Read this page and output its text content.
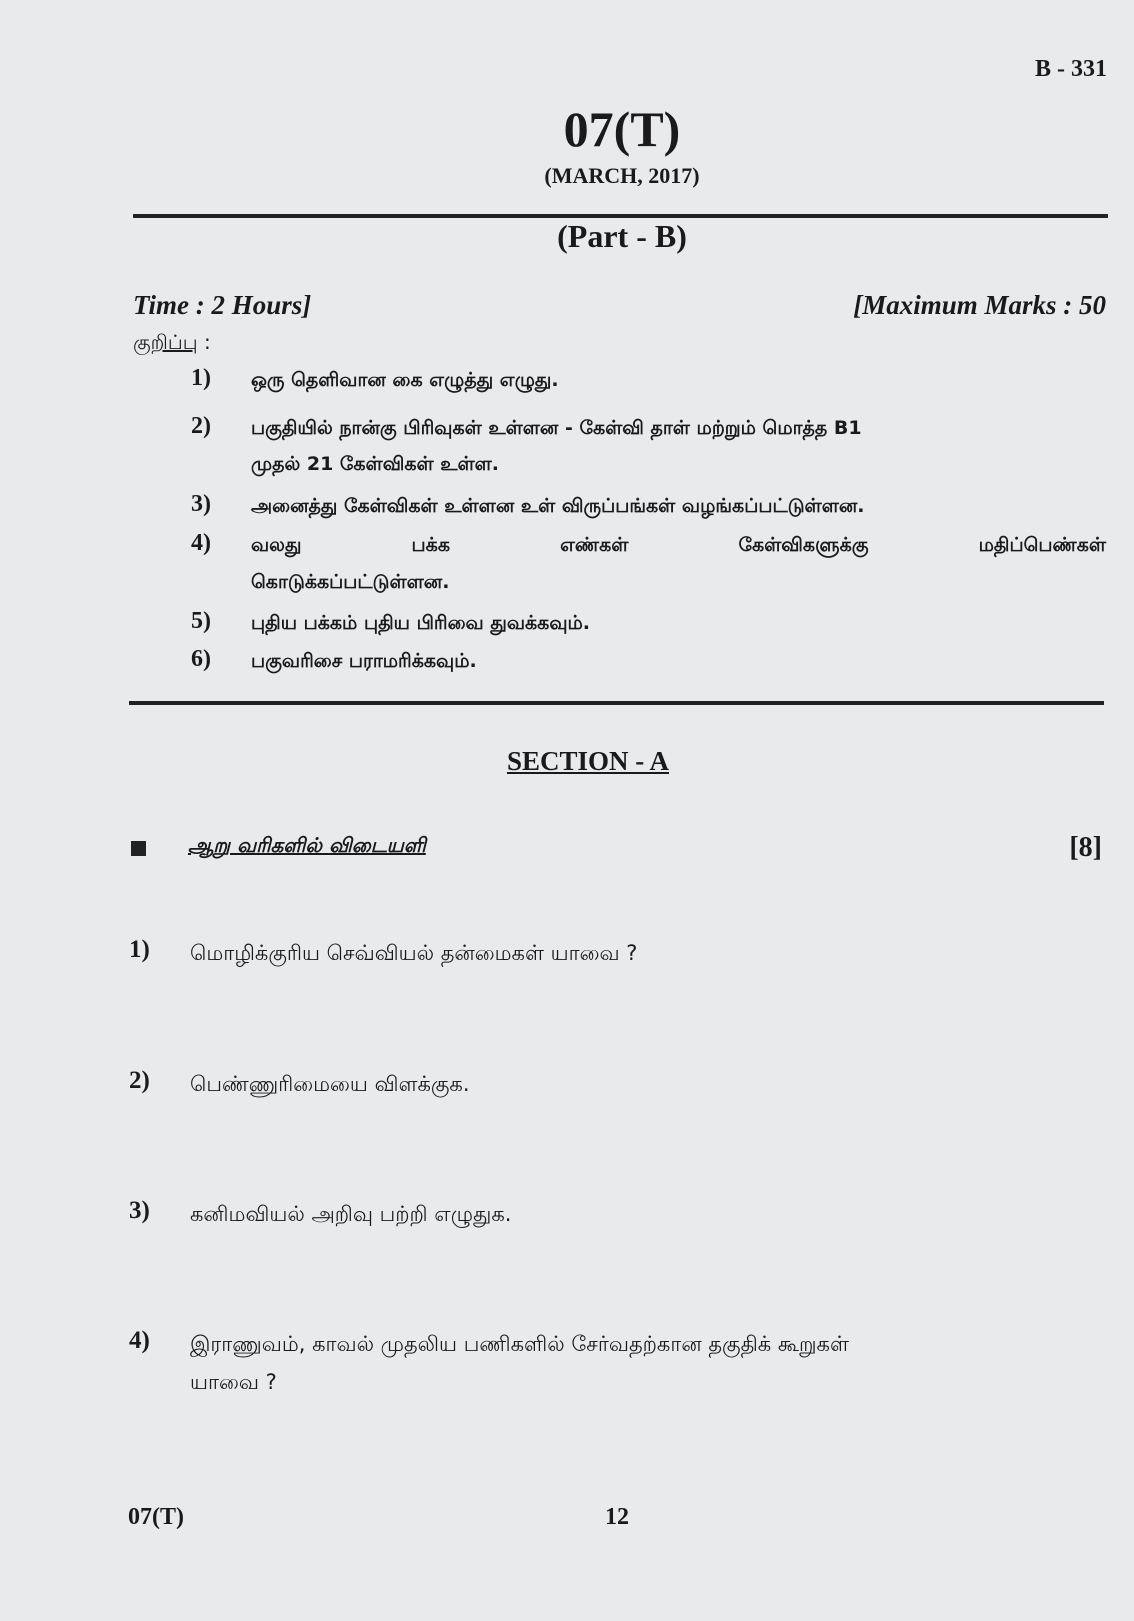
B - 331
07(T)
(MARCH, 2017)
(Part - B)
Time : 2 Hours]	[Maximum Marks : 50
குறிப்பு :
1) ஒரு தெளிவான கை எழுத்து எழுது.
2) பகுதியில் நான்கு பிரிவுகள் உள்ளன - கேள்வி தாள் மற்றும் மொத்த B1
முதல் 21 கேள்விகள் உள்ள.
3) அனைத்து கேள்விகள் உள்ளன உள் விருப்பங்கள் வழங்கப்பட்டுள்ளன.
4) வலது பக்க எண்கள் கேள்விகளுக்கு மதிப்பெண்கள்
கொடுக்கப்பட்டுள்ளன.
5) புதிய பக்கம் புதிய பிரிவை துவக்கவும்.
6) பகுவரிசை பராமரிக்கவும்.
SECTION - A
ஆறு வரிகளில் விடையளி	[8]
1) மொழிக்குரிய செவ்வியல் தன்மைகள் யாவை ?
2) பெண்ணுரிமையை விளக்குக.
3) கனிமவியல் அறிவு பற்றி எழுதுக.
4) இராணுவம், காவல் முதலிய பணிகளில் சேர்வதற்கான தகுதிக் கூறுகள்
யாவை ?
07(T)	12
